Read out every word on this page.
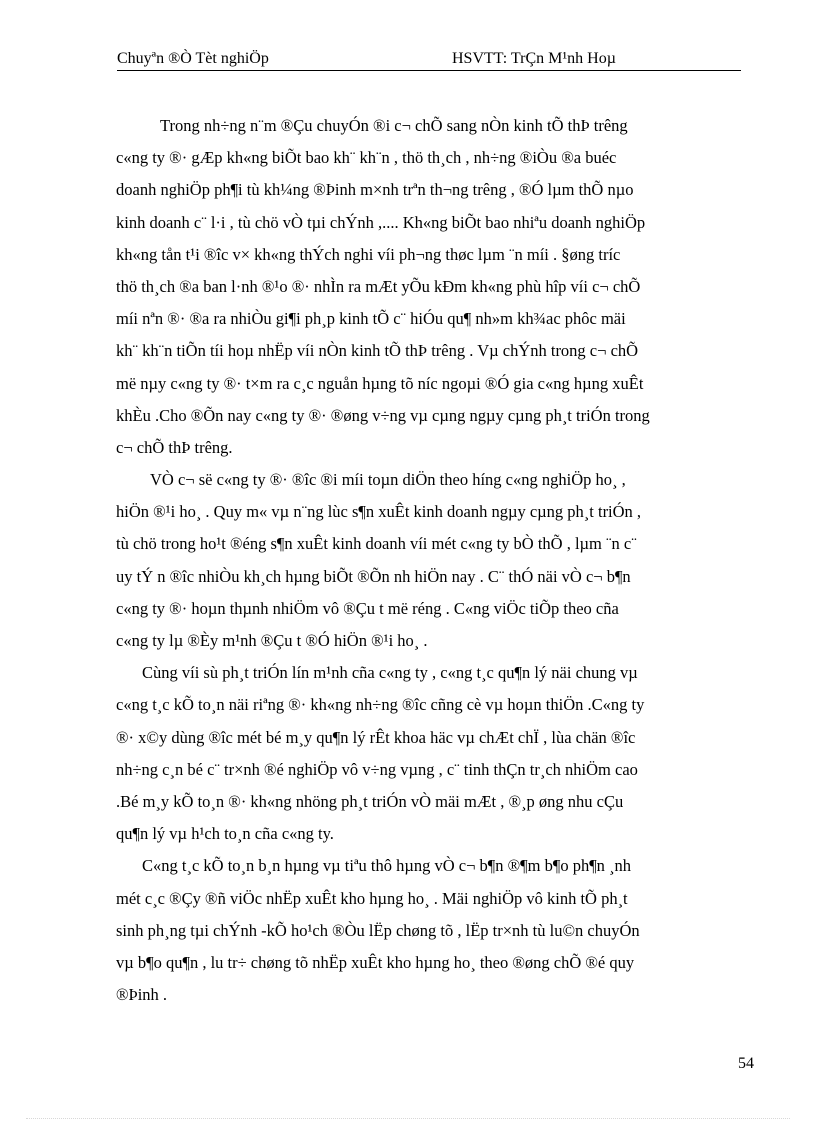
Chuyªn ®Ò Tèt nghiÖp	HSVTT: TrÇn M¹nh Hoµ
Trong nh÷ng n¨m ®Çu chuyÓn ®i c¬ chÕ sang nÒn kinh tÕ thÞ trêng
c«ng ty ®· gÆp kh«ng biÕt bao kh¨ kh¨n , thö th¸ch , nh÷ng ®iÒu ®a buéc
doanh nghiÖp ph¶i tù kh¼ng ®Þinh m×nh trªn th¬ng trêng , ®Ó lµm thÕ nµo
kinh doanh c¨ l·i , tù chö vÒ tµi chÝnh ,.... Kh«ng biÕt bao nhiªu doanh nghiÖp
kh«ng tån t¹i ®îc v× kh«ng thÝch nghi víi ph¬ng thøc lµm ¨n míi . §øng tríc
thö th¸ch ®a ban l·nh ®¹o ®· nhÌn ra mÆt yÕu kÐm kh«ng phù hîp víi c¬ chÕ
míi nªn ®· ®a ra nhiÒu gi¶i ph¸p kinh tÕ c¨ hiÓu qu¶ nh»m kh¾ac phôc mäi
kh¨ kh¨n tiÕn tíi hoµ nhËp víi nÒn kinh tÕ thÞ trêng . Vµ chÝnh trong c¬ chÕ
më nµy c«ng ty ®· t×m ra c¸c nguån hµng tõ níc ngoµi ®Ó gia c«ng hµng xuÊt
khÈu .Cho ®Õn nay c«ng ty ®· ®øng v÷ng vµ cµng ngµy cµng ph¸t triÓn trong
c¬ chÕ thÞ trêng.
VÒ c¬ së c«ng ty ®· ®îc ®i míi toµn diÖn theo híng c«ng nghiÖp ho¸ ,
hiÖn ®¹i ho¸ . Quy m« vµ n¨ng lùc s¶n xuÊt kinh doanh ngµy cµng ph¸t triÓn ,
tù chö trong ho¹t ®éng s¶n xuÊt kinh doanh víi mét c«ng ty bÒ thÕ , lµm ¨n c¨
uy tÝ n ®îc nhiÒu kh¸ch hµng biÕt ®Õn nh hiÖn nay . C¨ thÓ näi vÒ c¬ b¶n
c«ng ty ®· hoµn thµnh nhiÖm vô ®Çu t më réng . C«ng viÖc tiÕp theo cña
c«ng ty lµ ®Èy m¹nh ®Çu t ®Ó hiÖn ®¹i ho¸ .
Cùng víi sù ph¸t triÓn lín m¹nh cña c«ng ty , c«ng t¸c qu¶n lý näi chung vµ
c«ng t¸c kÕ to¸n näi riªng ®· kh«ng nh÷ng ®îc cñng cè vµ hoµn thiÖn .C«ng ty
®· x©y dùng ®îc mét bé m¸y qu¶n lý rÊt khoa häc vµ chÆt chÏ , lùa chän ®îc
nh÷ng c¸n bé c¨ tr×nh ®é nghiÖp vô v÷ng vµng , c¨ tinh thÇn tr¸ch nhiÖm cao
.Bé m¸y kÕ to¸n ®· kh«ng nhöng ph¸t triÓn vÒ mäi mÆt , ®¸p øng nhu cÇu
qu¶n lý vµ h¹ch to¸n cña c«ng ty.
C«ng t¸c kÕ to¸n b¸n hµng vµ tiªu thô hµng vÒ c¬ b¶n ®¶m b¶o ph¶n ¸nh
mét c¸c ®Çy ®ñ viÖc nhËp xuÊt kho hµng ho¸ . Mäi nghiÖp vô kinh tÕ ph¸t
sinh ph¸ng tµi chÝnh -kÕ ho¹ch ®Òu lËp chøng tõ , lËp tr×nh tù lu©n chuyÓn
vµ b¶o qu¶n , lu tr÷ chøng tõ nhËp xuÊt kho hµng ho¸ theo ®øng chÕ ®é quy
®Þinh .
54
